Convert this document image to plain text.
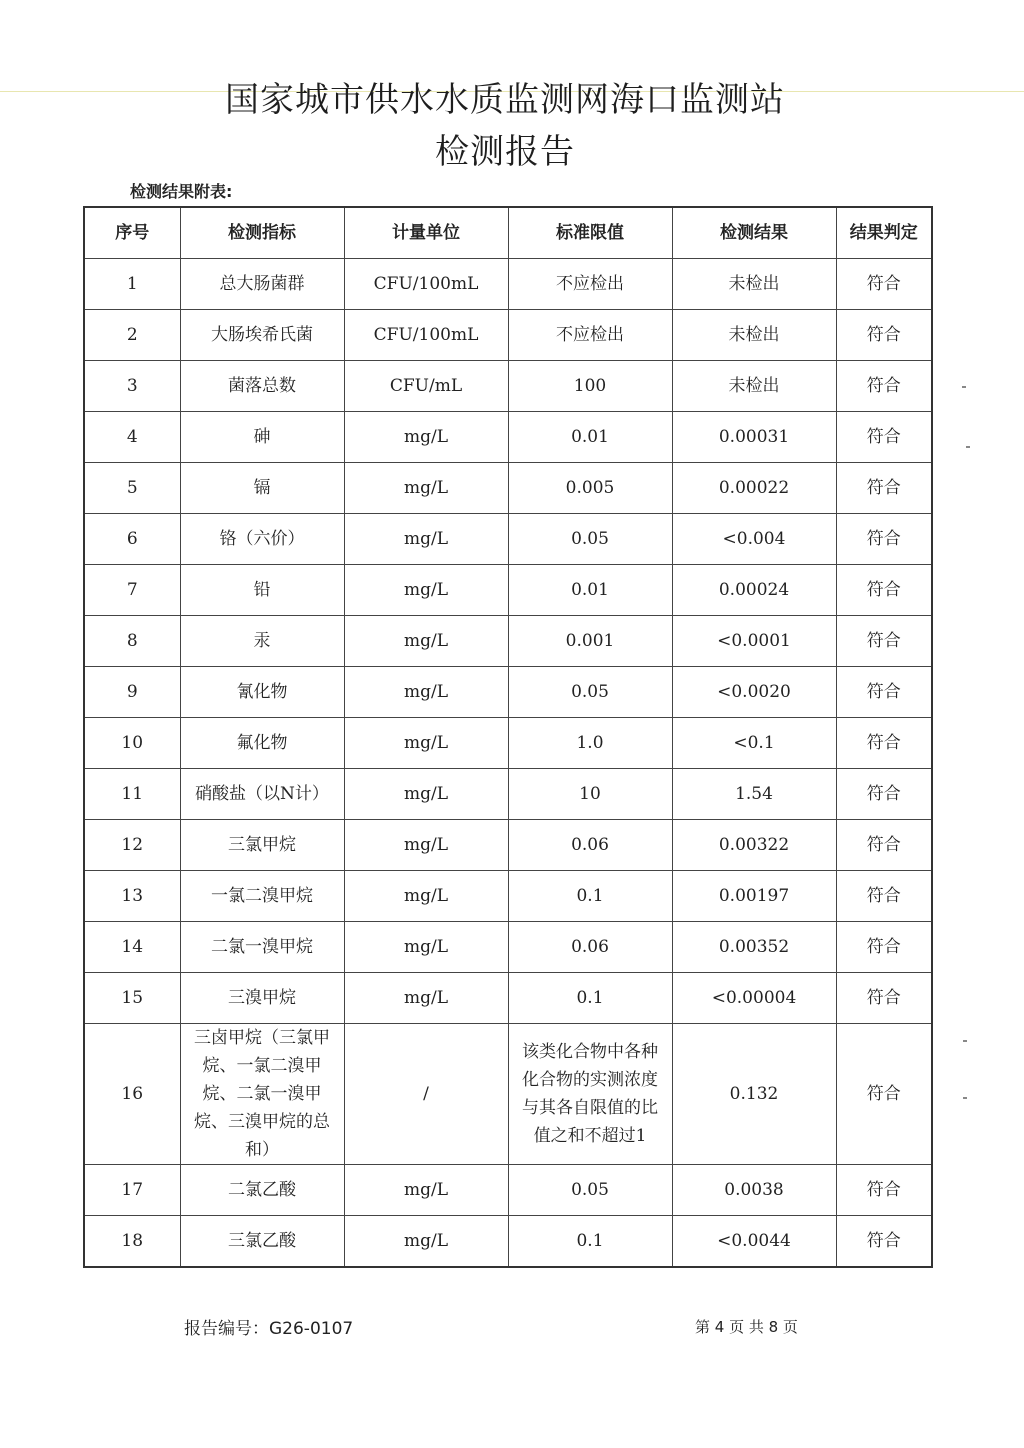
国家城市供水水质监测网海口监测站
检测报告
检测结果附表:
序号	检测指标	计量单位	标准限值	检测结果	结果判定
1	总大肠菌群	CFU/100mL	不应检出	未检出	符合
2	大肠埃希氏菌	CFU/100mL	不应检出	未检出	符合
3	菌落总数	CFU/mL	100	未检出	符合
4	砷	mg/L	0.01	0.00031	符合
5	镉	mg/L	0.005	0.00022	符合
6	铬（六价）	mg/L	0.05	<0.004	符合
7	铅	mg/L	0.01	0.00024	符合
8	汞	mg/L	0.001	<0.0001	符合
9	氰化物	mg/L	0.05	<0.0020	符合
10	氟化物	mg/L	1.0	<0.1	符合
11	硝酸盐（以N计）	mg/L	10	1.54	符合
12	三氯甲烷	mg/L	0.06	0.00322	符合
13	一氯二溴甲烷	mg/L	0.1	0.00197	符合
14	二氯一溴甲烷	mg/L	0.06	0.00352	符合
15	三溴甲烷	mg/L	0.1	<0.00004	符合
16	三卤甲烷（三氯甲烷、一氯二溴甲烷、二氯一溴甲烷、三溴甲烷的总和）	/	该类化合物中各种化合物的实测浓度与其各自限值的比值之和不超过1	0.132	符合
17	二氯乙酸	mg/L	0.05	0.0038	符合
18	三氯乙酸	mg/L	0.1	<0.0044	符合
报告编号：G26-0107	第 4 页 共 8 页
